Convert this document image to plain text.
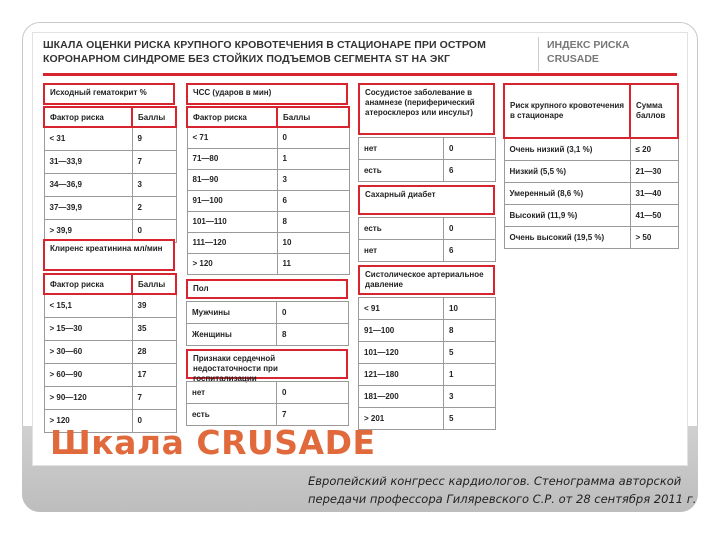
ШКАЛА ОЦЕНКИ РИСКА КРУПНОГО КРОВОТЕЧЕНИЯ В СТАЦИОНАРЕ ПРИ ОСТРОМ КОРОНАРНОМ СИНДРОМЕ БЕЗ СТОЙКИХ ПОДЪЕМОВ СЕГМЕНТА ST НА ЭКГ
ИНДЕКС РИСКА CRUSADE
Исходный гематокрит %
Фактор риска	Баллы
< 31	9
31—33,9	7
34—36,9	3
37—39,9	2
> 39,9	0
Клиренс креатинина мл/мин
Фактор риска	Баллы
< 15,1	39
> 15—30	35
> 30—60	28
> 60—90	17
> 90—120	7
> 120	0
ЧСС (ударов в мин)
Фактор риска	Баллы
< 71	0
71—80	1
81—90	3
91—100	6
101—110	8
111—120	10
> 120	11
Пол
Мужчины	0
Женщины	8
Признаки сердечной недостаточности при госпитализации
нет	0
есть	7
Сосудистое заболевание в анамнезе (периферический атеросклероз или инсульт)
нет	0
есть	6
Сахарный диабет
есть	0
нет	6
Систолическое артериальное давление
< 91	10
91—100	8
101—120	5
121—180	1
181—200	3
> 201	5
Риск крупного кровотечения в стационаре	Сумма баллов
Очень низкий (3,1 %)	≤ 20
Низкий (5,5 %)	21—30
Умеренный (8,6 %)	31—40
Высокий (11,9 %)	41—50
Очень высокий (19,5 %)	> 50
Шкала CRUSADE
Европейский конгресс кардиологов. Стенограмма авторской передачи профессора Гиляревского С.Р. от 28 сентября 2011 г.
